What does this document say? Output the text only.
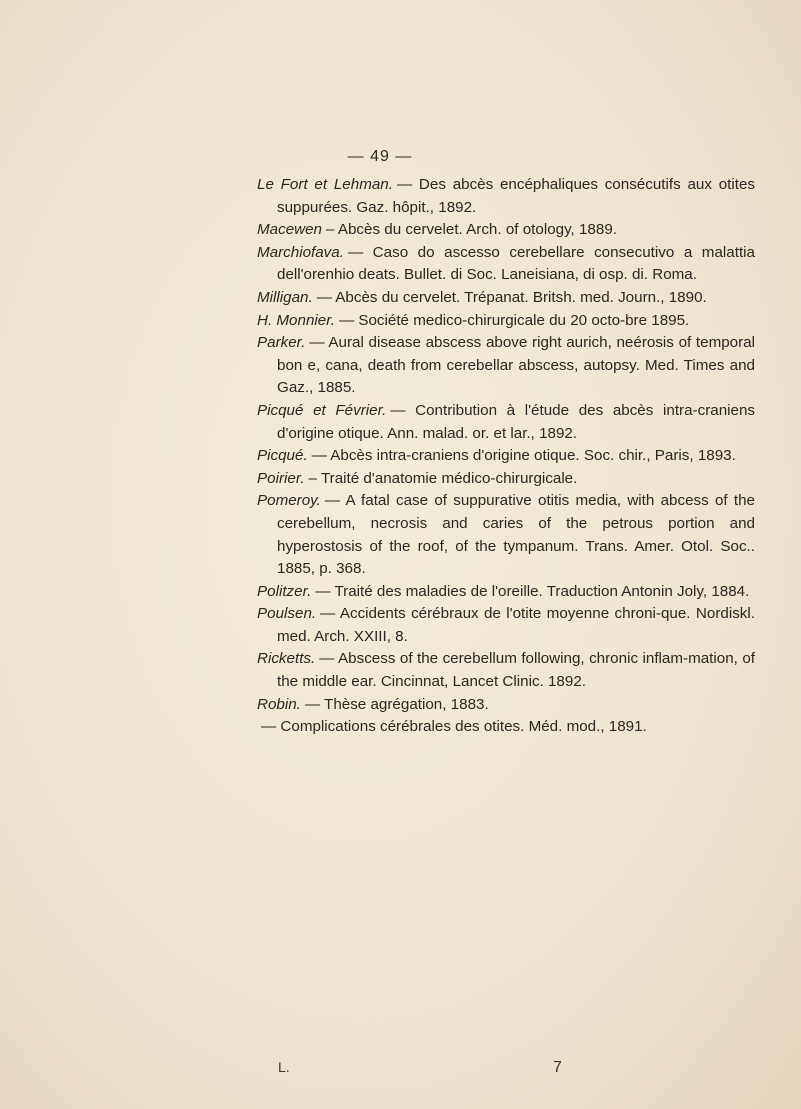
— 49 —

Le Fort et Lehman. — Des abcès encéphaliques consécutifs aux otites suppurées. Gaz. hôpit., 1892.

Macewen – Abcès du cervelet. Arch. of otology, 1889.

Marchiofava. — Caso do ascesso cerebellare consecutivo a malattia dell'orenhio deats. Bullet. di Soc. Laneisiana, di osp. di. Roma.

Milligan. — Abcès du cervelet. Trépanat. Britsh. med. Journ., 1890.

H. Monnier. — Société medico-chirurgicale du 20 octo-bre 1895.

Parker. — Aural disease abscess above right aurich, neérosis of temporal bon e, cana, death from cerebellar abscess, autopsy. Med. Times and Gaz., 1885.

Picqué et Février. — Contribution à l'étude des abcès intra-craniens d'origine otique. Ann. malad. or. et lar., 1892.

Picqué. — Abcès intra-craniens d'origine otique. Soc. chir., Paris, 1893.

Poirier. – Traité d'anatomie médico-chirurgicale.

Pomeroy. — A fatal case of suppurative otitis media, with abcess of the cerebellum, necrosis and caries of the petrous portion and hyperostosis of the roof, of the tympanum. Trans. Amer. Otol. Soc.. 1885, p. 368.

Politzer. — Traité des maladies de l'oreille. Traduction Antonin Joly, 1884.

Poulsen. — Accidents cérébraux de l'otite moyenne chroni-que. Nordiskl. med. Arch. XXIII, 8.

Ricketts. — Abscess of the cerebellum following, chronic inflam-mation, of the middle ear. Cincinnat, Lancet Clinic. 1892.

Robin. — Thèse agrégation, 1883.

— Complications cérébrales des otites. Méd. mod., 1891.

L.	7
